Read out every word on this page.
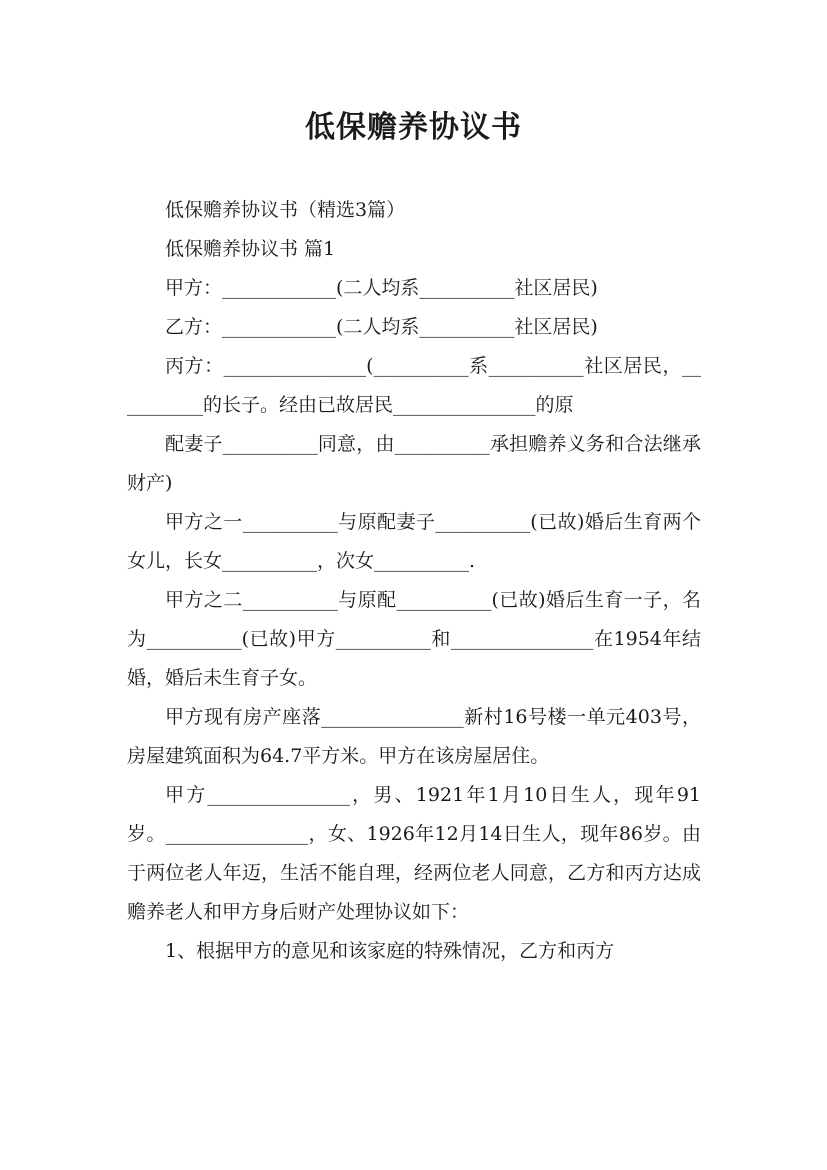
低保赡养协议书

低保赡养协议书（精选3篇）

低保赡养协议书 篇1

甲方：____________(二人均系__________社区居民)

乙方：____________(二人均系__________社区居民)

丙方：_______________(__________系__________社区居民，__________的长子。经由已故居民_______________的原

配妻子__________同意，由__________承担赡养义务和合法继承财产)

甲方之一__________与原配妻子__________(已故)婚后生育两个女儿，长女__________，次女__________.

甲方之二__________与原配__________(已故)婚后生育一子，名为__________(已故)甲方__________和_______________在1954年结婚，婚后未生育子女。

甲方现有房产座落_______________新村16号楼一单元403号，房屋建筑面积为64.7平方米。甲方在该房屋居住。

甲方_______________，男、1921年1月10日生人，现年91岁。_______________，女、1926年12月14日生人，现年86岁。由于两位老人年迈，生活不能自理，经两位老人同意，乙方和丙方达成赡养老人和甲方身后财产处理协议如下：

1、根据甲方的意见和该家庭的特殊情况，乙方和丙方
